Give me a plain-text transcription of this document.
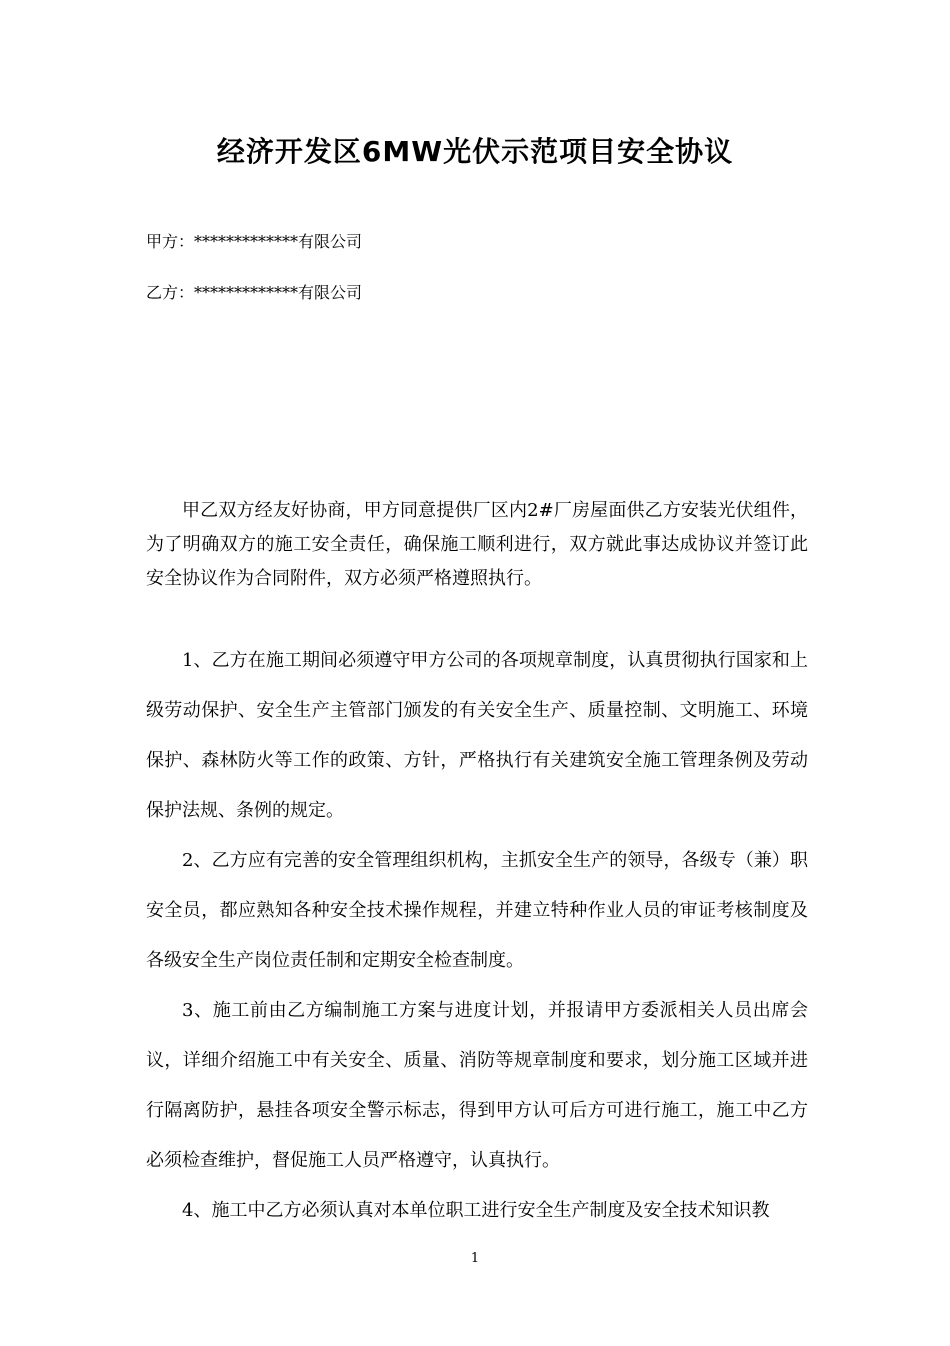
经济开发区6MW光伏示范项目安全协议

甲方：*************有限公司

乙方：*************有限公司

甲乙双方经友好协商，甲方同意提供厂区内2#厂房屋面供乙方安装光伏组件，为了明确双方的施工安全责任，确保施工顺利进行，双方就此事达成协议并签订此安全协议作为合同附件，双方必须严格遵照执行。

1、乙方在施工期间必须遵守甲方公司的各项规章制度，认真贯彻执行国家和上级劳动保护、安全生产主管部门颁发的有关安全生产、质量控制、文明施工、环境保护、森林防火等工作的政策、方针，严格执行有关建筑安全施工管理条例及劳动保护法规、条例的规定。

2、乙方应有完善的安全管理组织机构，主抓安全生产的领导，各级专（兼）职安全员，都应熟知各种安全技术操作规程，并建立特种作业人员的审证考核制度及各级安全生产岗位责任制和定期安全检查制度。

3、施工前由乙方编制施工方案与进度计划，并报请甲方委派相关人员出席会议，详细介绍施工中有关安全、质量、消防等规章制度和要求，划分施工区域并进行隔离防护，悬挂各项安全警示标志，得到甲方认可后方可进行施工，施工中乙方必须检查维护，督促施工人员严格遵守，认真执行。

4、施工中乙方必须认真对本单位职工进行安全生产制度及安全技术知识教

1
